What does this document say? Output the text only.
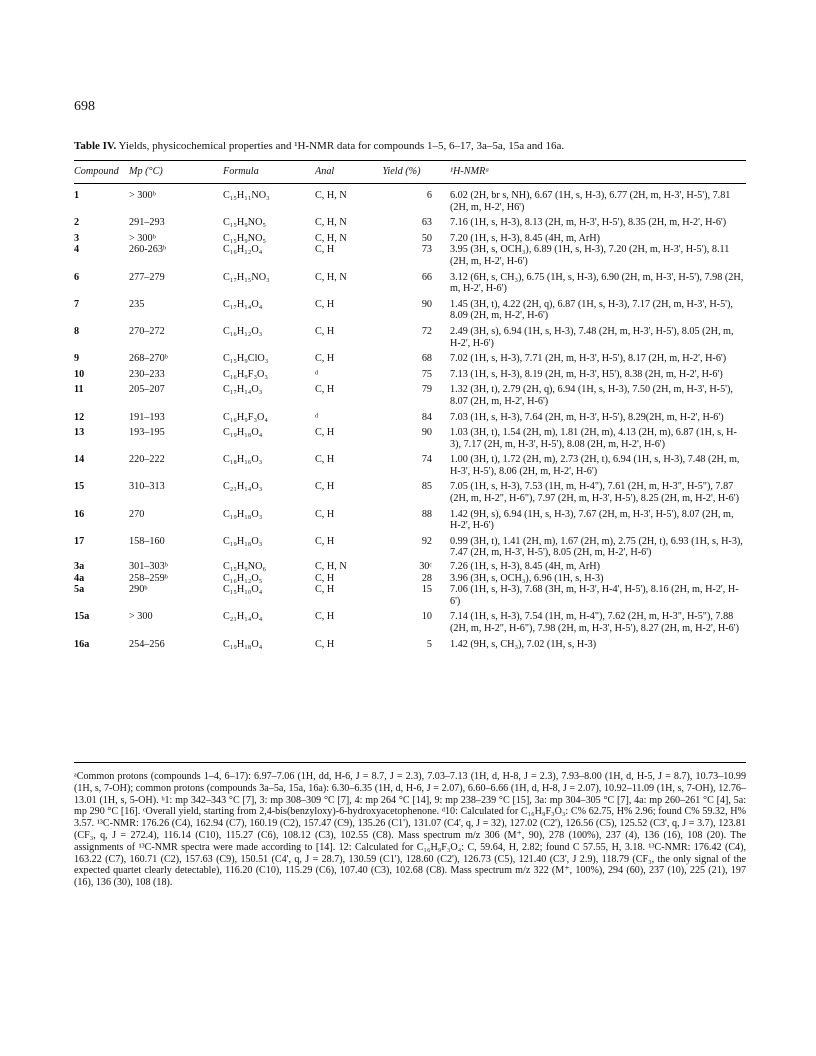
698
Table IV. Yields, physicochemical properties and ¹H-NMR data for compounds 1–5, 6–17, 3a–5a, 15a and 16a.
Compound	Mp (°C)	Formula	Anal	Yield (%)	¹H-NMRᵃ
1	> 300ᵇ	C₁₅H₁₁NO₃	C, H, N	6	6.02 (2H, br s, NH), 6.67 (1H, s, H-3), 6.77 (2H, m, H-3', H-5'), 7.81 (2H, m, H-2', H6')
2	291–293	C₁₅H₉NO₅	C, H, N	63	7.16 (1H, s, H-3), 8.13 (2H, m, H-3', H-5'), 8.35 (2H, m, H-2', H-6')
3	> 300ᵇ	C₁₅H₉NO₅	C, H, N	50	7.20 (1H, s, H-3), 8.45 (4H, m, ArH)
4	260-263ᵇ	C₁₆H₁₂O₄	C, H	73	3.95 (3H, s, OCH₃), 6.89 (1H, s, H-3), 7.20 (2H, m, H-3', H-5'), 8.11 (2H, m, H-2', H-6')
6	277–279	C₁₇H₁₅NO₃	C, H, N	66	3.12 (6H, s, CH₃), 6.75 (1H, s, H-3), 6.90 (2H, m, H-3', H-5'), 7.98 (2H, m, H-2', H-6')
7	235	C₁₇H₁₄O₄	C, H	90	1.45 (3H, t), 4.22 (2H, q), 6.87 (1H, s, H-3), 7.17 (2H, m, H-3', H-5'), 8.09 (2H, m, H-2', H-6')
8	270–272	C₁₆H₁₂O₃	C, H	72	2.49 (3H, s), 6.94 (1H, s, H-3), 7.48 (2H, m, H-3', H-5'), 8.05 (2H, m, H-2', H-6')
9	268–270ᵇ	C₁₅H₉ClO₃	C, H	68	7.02 (1H, s, H-3), 7.71 (2H, m, H-3', H-5'), 8.17 (2H, m, H-2', H-6')
10	230–233	C₁₆H₉F₃O₃	ᵈ	75	7.13 (1H, s, H-3), 8.19 (2H, m, H-3', H5'), 8.38 (2H, m, H-2', H-6')
11	205–207	C₁₇H₁₄O₃	C, H	79	1.32 (3H, t), 2.79 (2H, q), 6.94 (1H, s, H-3), 7.50 (2H, m, H-3', H-5'), 8.07 (2H, m, H-2', H-6')
12	191–193	C₁₆H₉F₃O₄	ᵈ	84	7.03 (1H, s, H-3), 7.64 (2H, m, H-3', H-5'), 8.29(2H, m, H-2', H-6')
13	193–195	C₁₉H₁₈O₄	C, H	90	1.03 (3H, t), 1.54 (2H, m), 1.81 (2H, m), 4.13 (2H, m), 6.87 (1H, s, H-3), 7.17 (2H, m, H-3', H-5'), 8.08 (2H, m, H-2', H-6')
14	220–222	C₁₈H₁₆O₃	C, H	74	1.00 (3H, t), 1.72 (2H, m), 2.73 (2H, t), 6.94 (1H, s, H-3), 7.48 (2H, m, H-3', H-5'), 8.06 (2H, m, H-2', H-6')
15	310–313	C₂₁H₁₄O₃	C, H	85	7.05 (1H, s, H-3), 7.53 (1H, m, H-4"), 7.61 (2H, m, H-3", H-5"), 7.87 (2H, m, H-2", H-6"), 7.97 (2H, m, H-3', H-5'), 8.25 (2H, m, H-2', H-6')
16	270	C₁₉H₁₈O₃	C, H	88	1.42 (9H, s), 6.94 (1H, s, H-3), 7.67 (2H, m, H-3', H-5'), 8.07 (2H, m, H-2', H-6')
17	158–160	C₁₉H₁₈O₃	C, H	92	0.99 (3H, t), 1.41 (2H, m), 1.67 (2H, m), 2.75 (2H, t), 6.93 (1H, s, H-3), 7.47 (2H, m, H-3', H-5'), 8.05 (2H, m, H-2', H-6')
3a	301–303ᵇ	C₁₅H₉NO₆	C, H, N	30ᶜ	7.26 (1H, s, H-3), 8.45 (4H, m, ArH)
4a	258–259ᵇ	C₁₆H₁₂O₅	C, H	28	3.96 (3H, s, OCH₃), 6.96 (1H, s, H-3)
5a	290ᵇ	C₁₅H₁₀O₄	C, H	15	7.06 (1H, s, H-3), 7.68 (3H, m, H-3', H-4', H-5'), 8.16 (2H, m, H-2', H-6')
15a	> 300	C₂₁H₁₄O₄	C, H	10	7.14 (1H, s, H-3), 7.54 (1H, m, H-4"), 7.62 (2H, m, H-3", H-5"), 7.88 (2H, m, H-2", H-6"), 7.98 (2H, m, H-3', H-5'), 8.27 (2H, m, H-2', H-6')
16a	254–256	C₁₉H₁₈O₄	C, H	5	1.42 (9H, s, CH₃), 7.02 (1H, s, H-3)
ᵃCommon protons (compounds 1–4, 6–17): 6.97–7.06 (1H, dd, H-6, J = 8.7, J = 2.3), 7.03–7.13 (1H, d, H-8, J = 2.3), 7.93–8.00 (1H, d, H-5, J = 8.7), 10.73–10.99 (1H, s, 7-OH); common protons (compounds 3a–5a, 15a, 16a): 6.30–6.35 (1H, d, H-6, J = 2.07), 6.60–6.66 (1H, d, H-8, J = 2.07), 10.92–11.09 (1H, s, 7-OH), 12.76–13.01 (1H, s, 5-OH). ᵇ1: mp 342–343 °C [7], 3: mp 308–309 °C [7], 4: mp 264 °C [14], 9: mp 238–239 °C [15], 3a: mp 304–305 °C [7], 4a: mp 260–261 °C [4], 5a: mp 290 °C [16]. ᶜOverall yield, starting from 2,4-bis(benzyloxy)-6-hydroxyacetophenone. ᵈ10: Calculated for C₁₆H₉F₃O₃: C% 62.75, H% 2.96; found C% 59.32, H% 3.57. ¹³C-NMR: 176.26 (C4), 162.94 (C7), 160.19 (C2), 157.47 (C9), 135.26 (C1'), 131.07 (C4', q, J = 32), 127.02 (C2'), 126.56 (C5), 125.52 (C3', q, J = 3.7), 123.81 (CF₃, q, J = 272.4), 116.14 (C10), 115.27 (C6), 108.12 (C3), 102.55 (C8). Mass spectrum m/z 306 (M⁺, 90), 278 (100%), 237 (4), 136 (16), 108 (20). The assignments of ¹³C-NMR spectra were made according to [14]. 12: Calculated for C₁₆H₉F₃O₄: C, 59.64, H, 2.82; found C 57.55, H, 3.18. ¹³C-NMR: 176.42 (C4), 163.22 (C7), 160.71 (C2), 157.63 (C9), 150.51 (C4', q, J = 28.7), 130.59 (C1'), 128.60 (C2'), 126.73 (C5), 121.40 (C3', J 2.9), 118.79 (CF₃, the only signal of the expected quartet clearly detectable), 116.20 (C10), 115.29 (C6), 107.40 (C3), 102.68 (C8). Mass spectrum m/z 322 (M⁺, 100%), 294 (60), 237 (10), 225 (21), 197 (16), 136 (30), 108 (18).
